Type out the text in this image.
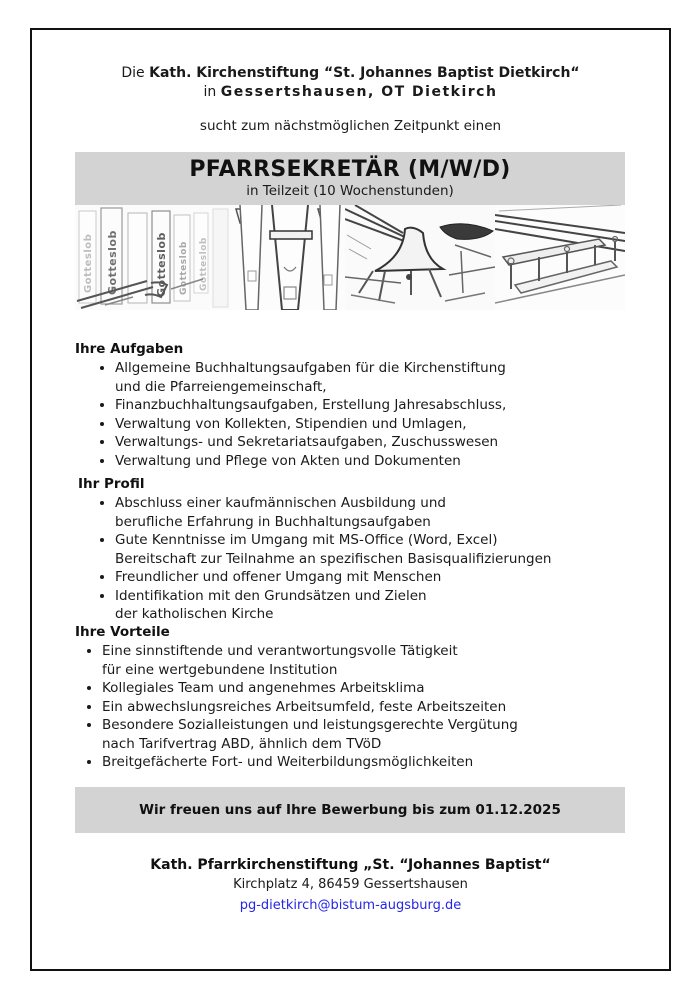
Die Kath. Kirchenstiftung “St. Johannes Baptist Dietkirch“
in Gessertshausen, OT Dietkirch
sucht zum nächstmöglichen Zeitpunkt einen
PFARRSEKRETÄR (M/W/D)
in Teilzeit (10 Wochenstunden)
Gotteslob Gotteslob	Gotteslob Gotteslob Gotteslob
Ihre Aufgaben
• Allgemeine Buchhaltungsaufgaben für die Kirchenstiftung
und die Pfarreiengemeinschaft,
• Finanzbuchhaltungsaufgaben, Erstellung Jahresabschluss,
• Verwaltung von Kollekten, Stipendien und Umlagen,
• Verwaltungs- und Sekretariatsaufgaben, Zuschusswesen
• Verwaltung und Pflege von Akten und Dokumenten
Ihr Profil
• Abschluss einer kaufmännischen Ausbildung und
berufliche Erfahrung in Buchhaltungsaufgaben
• Gute Kenntnisse im Umgang mit MS-Office (Word, Excel)
Bereitschaft zur Teilnahme an spezifischen Basisqualifizierungen
• Freundlicher und offener Umgang mit Menschen
• Identifikation mit den Grundsätzen und Zielen
der katholischen Kirche
Ihre Vorteile
• Eine sinnstiftende und verantwortungsvolle Tätigkeit
für eine wertgebundene Institution
• Kollegiales Team und angenehmes Arbeitsklima
• Ein abwechslungsreiches Arbeitsumfeld, feste Arbeitszeiten
• Besondere Sozialleistungen und leistungsgerechte Vergütung
nach Tarifvertrag ABD, ähnlich dem TVöD
• Breitgefächerte Fort- und Weiterbildungsmöglichkeiten
Wir freuen uns auf Ihre Bewerbung bis zum 01.12.2025
Kath. Pfarrkirchenstiftung „St. “Johannes Baptist“
Kirchplatz 4, 86459 Gessertshausen
pg-dietkirch@bistum-augsburg.de
